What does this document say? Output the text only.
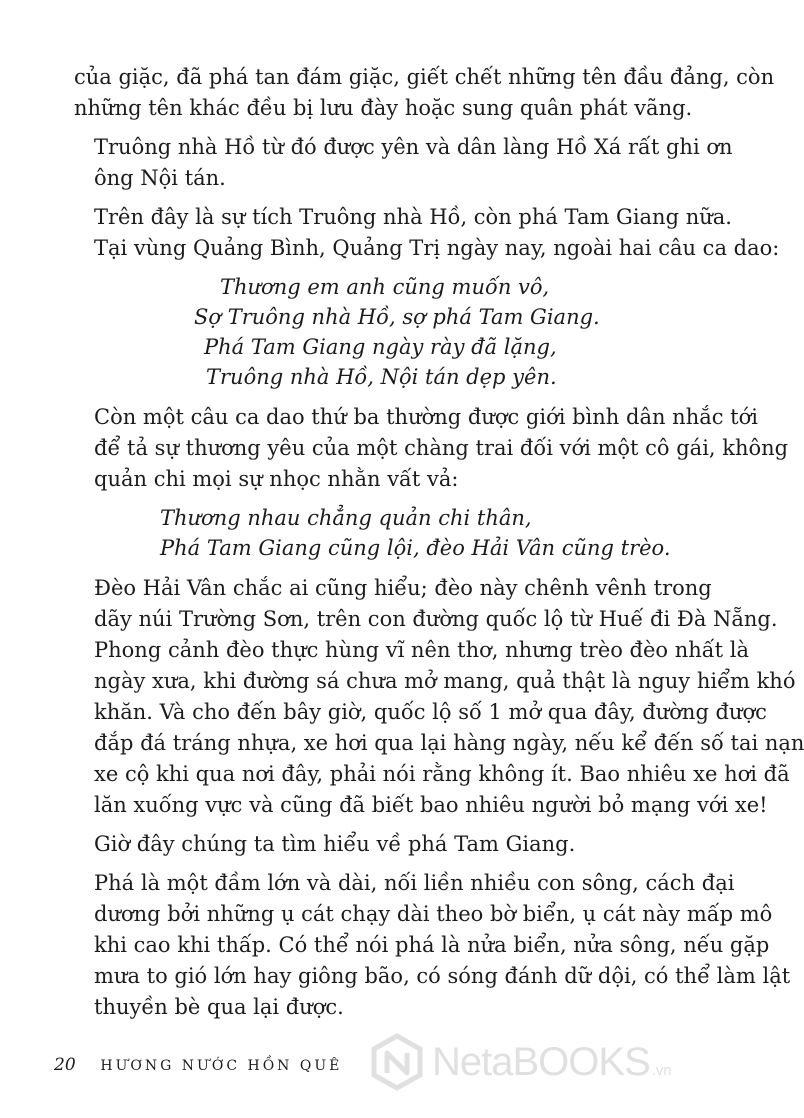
của giặc, đã phá tan đám giặc, giết chết những tên đầu đảng, còn
những tên khác đều bị lưu đày hoặc sung quân phát vãng.
Truông nhà Hồ từ đó được yên và dân làng Hồ Xá rất ghi ơn
ông Nội tán.
Trên đây là sự tích Truông nhà Hồ, còn phá Tam Giang nữa.
Tại vùng Quảng Bình, Quảng Trị ngày nay, ngoài hai câu ca dao:
Thương em anh cũng muốn vô,
Sợ Truông nhà Hồ, sợ phá Tam Giang.
Phá Tam Giang ngày rày đã lặng,
Truông nhà Hồ, Nội tán dẹp yên.
Còn một câu ca dao thứ ba thường được giới bình dân nhắc tới
để tả sự thương yêu của một chàng trai đối với một cô gái, không
quản chi mọi sự nhọc nhằn vất vả:
Thương nhau chẳng quản chi thân,
Phá Tam Giang cũng lội, đèo Hải Vân cũng trèo.
Đèo Hải Vân chắc ai cũng hiểu; đèo này chênh vênh trong
dãy núi Trường Sơn, trên con đường quốc lộ từ Huế đi Đà Nẵng.
Phong cảnh đèo thực hùng vĩ nên thơ, nhưng trèo đèo nhất là
ngày xưa, khi đường sá chưa mở mang, quả thật là nguy hiểm khó
khăn. Và cho đến bây giờ, quốc lộ số 1 mở qua đây, đường được
đắp đá tráng nhựa, xe hơi qua lại hàng ngày, nếu kể đến số tai nạn
xe cộ khi qua nơi đây, phải nói rằng không ít. Bao nhiêu xe hơi đã
lăn xuống vực và cũng đã biết bao nhiêu người bỏ mạng với xe!
Giờ đây chúng ta tìm hiểu về phá Tam Giang.
Phá là một đầm lớn và dài, nối liền nhiều con sông, cách đại
dương bởi những ụ cát chạy dài theo bờ biển, ụ cát này mấp mô
khi cao khi thấp. Có thể nói phá là nửa biển, nửa sông, nếu gặp
mưa to gió lớn hay giông bão, có sóng đánh dữ dội, có thể làm lật
thuyền bè qua lại được.
20 HƯƠNG NƯỚC HỒN QUÊ NetaBOOKS .vn
